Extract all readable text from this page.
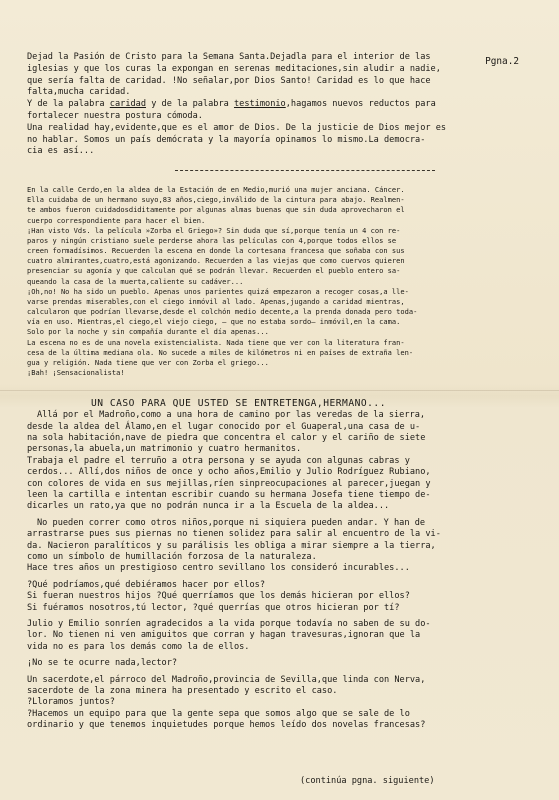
Pgna.2

Dejad la Pasión de Cristo para la Semana Santa.Dejadla para el interior de las

iglesias y que los curas la expongan en serenas meditaciones,sin aludir a nadie,

que sería falta de caridad. !No señalar,por Dios Santo! Caridad es lo que hace

falta,mucha caridad.

Y de la palabra caridad y de la palabra testimonio,hagamos nuevos reductos para

fortalecer nuestra postura cómoda.

Una realidad hay,evidente,que es el amor de Dios. De la justicie de Dios mejor es

no hablar. Somos un país demócrata y la mayoría opinamos lo mismo.La democra-

cia es así...

En la calle Cerdo,en la aldea de la Estación de en Medio,murió una mujer anciana. Cáncer.

Ella cuidaba de un hermano suyo,83 años,ciego,inválido de la cintura para abajo. Realmen-

te ambos fueron cuidadosdiditamente por algunas almas buenas que sin duda aprovecharon el

cuerpo correspondiente para hacer el bien.

¡Han visto Vds. la película »Zorba el Griego»? Sin duda que sí,porque tenía un 4 con re-

paros y ningún cristiano suele perderse ahora las películas con 4,porque todos ellos se

creen formadísimos. Recuerden la escena en donde la cortesana francesa que soñaba con sus

cuatro almirantes,cuatro,está agonizando. Recuerden a las viejas que como cuervos quieren

presenciar su agonía y que calculan qué se podrán llevar. Recuerden el pueblo entero sa-

queando la casa de la muerta,caliente su cadáver...

¡Oh,no! No ha sido un pueblo. Apenas unos parientes quizá empezaron a recoger cosas,a lle-

varse prendas miserables,con el ciego inmóvil al lado. Apenas,jugando a caridad mientras,

calcularon que podrían llevarse,desde el colchón medio decente,a la prenda donada pero toda-

vía en uso. Mientras,el ciego,el viejo ciego, — que no estaba sordo— inmóvil,en la cama.

Solo por la noche y sin compañía durante el día apenas...

La escena no es de una novela existencialista. Nada tiene que ver con la literatura fran-

cesa de la última mediana ola. No sucede a miles de kilómetros ni en países de extraña len-

gua y religión. Nada tiene que ver con Zorba el griego...

¡Bah! ¡Sensacionalista!

UN CASO PARA QUE USTED SE ENTRETENGA,HERMANO...

Allá por el Madroño,como a una hora de camino por las veredas de la sierra,

desde la aldea del Álamo,en el lugar conocido por el Guaperal,una casa de u-

na sola habitación,nave de piedra que concentra el calor y el cariño de siete

personas,la abuela,un matrimonio y cuatro hermanitos.

Trabaja el padre el terruño a otra persona y se ayuda con algunas cabras y

cerdos... Allí,dos niños de once y ocho años,Emilio y Julio Rodríguez Rubiano,

con colores de vida en sus mejillas,ríen sinpreocupaciones al parecer,juegan y

leen la cartilla e intentan escribir cuando su hermana Josefa tiene tiempo de-

dicarles un rato,ya que no podrán nunca ir a la Escuela de la aldea...

No pueden correr como otros niños,porque ni siquiera pueden andar. Y han de

arrastrarse pues sus piernas no tienen solidez para salir al encuentro de la vi-

da. Nacieron paralíticos y su parálisis les obliga a mirar siempre a la tierra,

como un símbolo de humillación forzosa de la naturaleza.

Hace tres años un prestigioso centro sevillano los consideró incurables...

?Qué podríamos,qué debiéramos hacer por ellos?

Si fueran nuestros hijos ?Qué querríamos que los demás hicieran por ellos?

Si fuéramos nosotros,tú lector, ?qué querrías que otros hicieran por tí?

Julio y Emilio sonríen agradecidos a la vida porque todavía no saben de su do-

lor. No tienen ni ven amiguitos que corran y hagan travesuras,ignoran que la

vida no es para los demás como la de ellos.

¡No se te ocurre nada,lector?

Un sacerdote,el párroco del Madroño,provincia de Sevilla,que linda con Nerva,

sacerdote de la zona minera ha presentado y escrito el caso.

?Lloramos juntos?

?Hacemos un equipo para que la gente sepa que somos algo que se sale de lo

ordinario y que tenemos inquietudes porque hemos leído dos novelas francesas?

(continúa pgna. siguiente)
